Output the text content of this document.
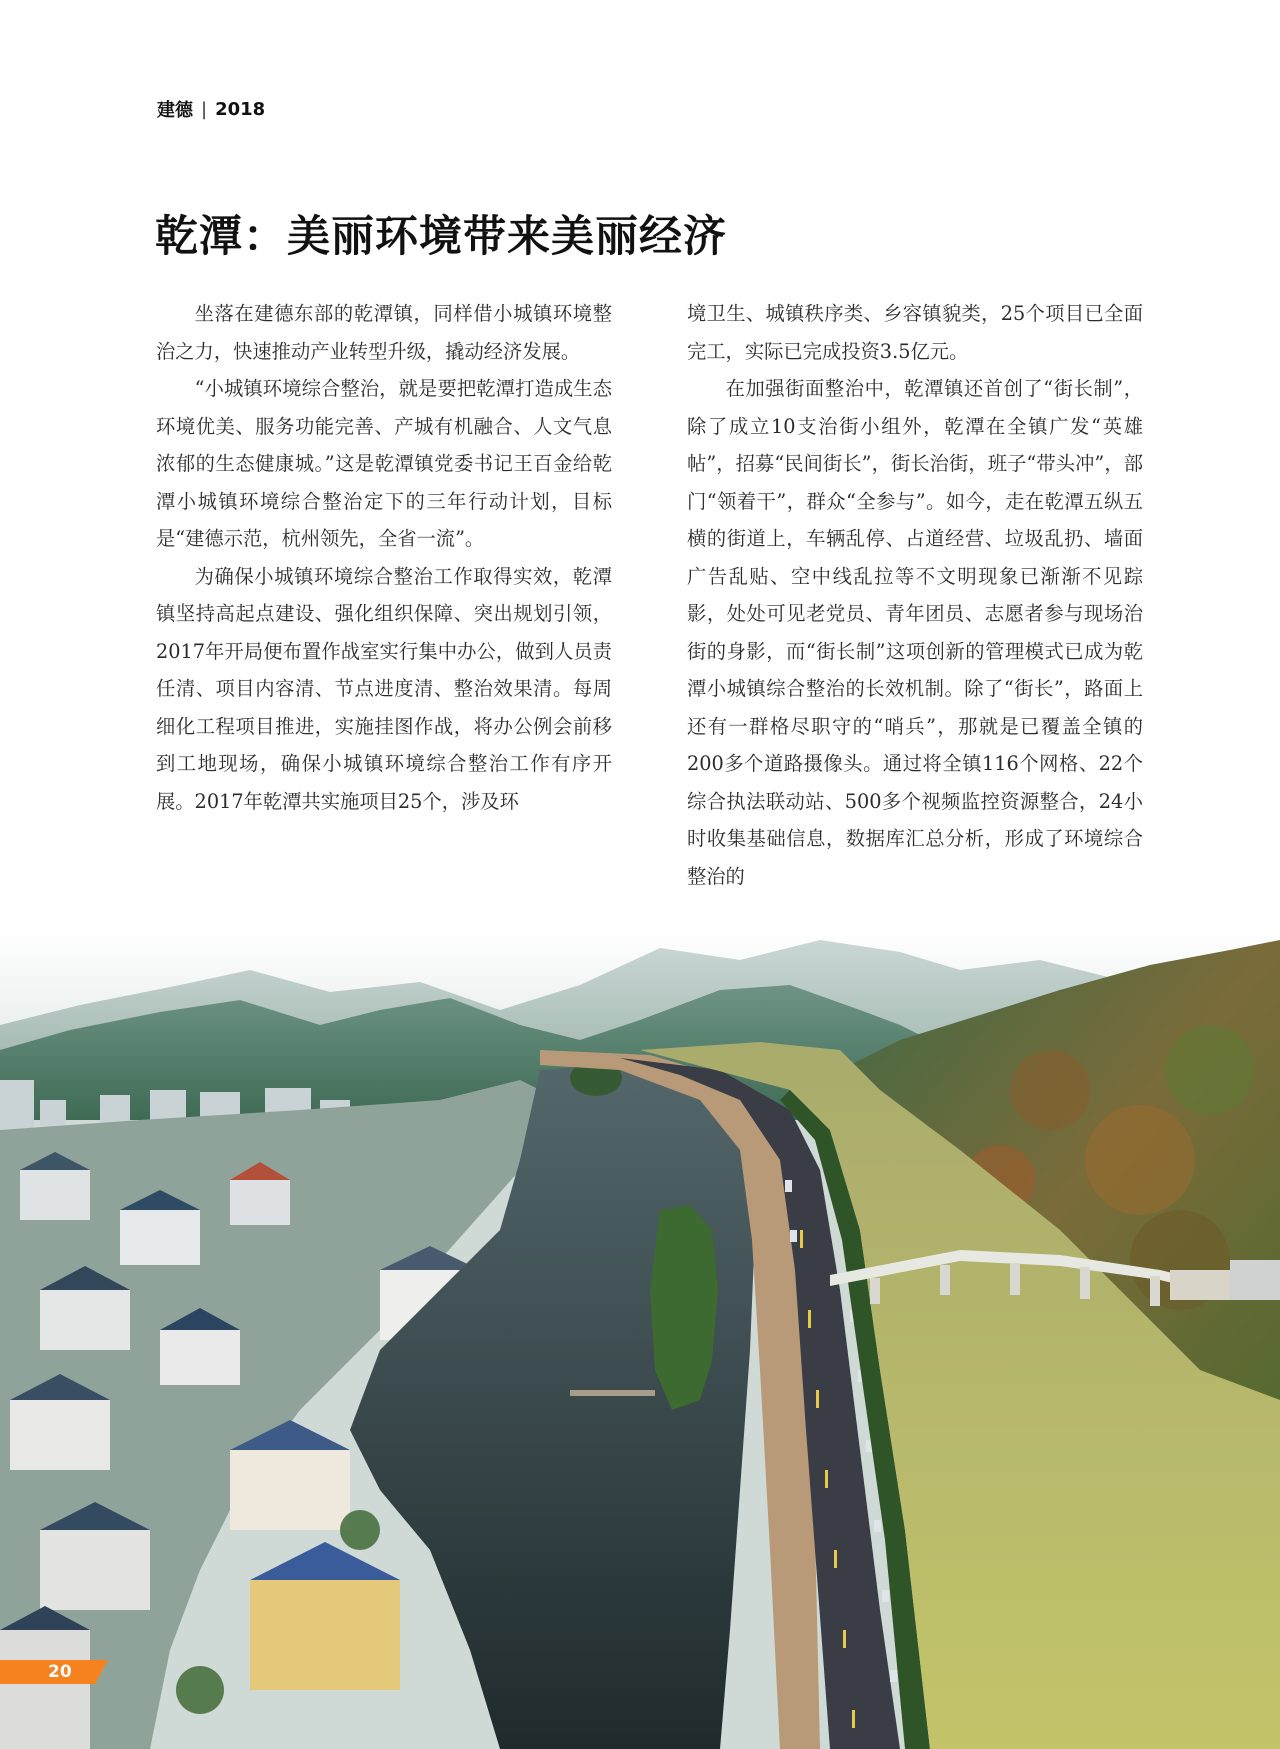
建德 | 2018
乾潭：美丽环境带来美丽经济

坐落在建德东部的乾潭镇，同样借小城镇环境整治之力，快速推动产业转型升级，撬动经济发展。

“小城镇环境综合整治，就是要把乾潭打造成生态环境优美、服务功能完善、产城有机融合、人文气息浓郁的生态健康城。”这是乾潭镇党委书记王百金给乾潭小城镇环境综合整治定下的三年行动计划，目标是“建德示范，杭州领先，全省一流”。

为确保小城镇环境综合整治工作取得实效，乾潭镇坚持高起点建设、强化组织保障、突出规划引领，2017年开局便布置作战室实行集中办公，做到人员责任清、项目内容清、节点进度清、整治效果清。每周细化工程项目推进，实施挂图作战，将办公例会前移到工地现场，确保小城镇环境综合整治工作有序开展。2017年乾潭共实施项目25个，涉及环

境卫生、城镇秩序类、乡容镇貌类，25个项目已全面完工，实际已完成投资3.5亿元。

在加强街面整治中，乾潭镇还首创了“街长制”，除了成立10支治街小组外，乾潭在全镇广发“英雄帖”，招募“民间街长”，街长治街，班子“带头冲”，部门“领着干”，群众“全参与”。如今，走在乾潭五纵五横的街道上，车辆乱停、占道经营、垃圾乱扔、墙面广告乱贴、空中线乱拉等不文明现象已渐渐不见踪影，处处可见老党员、青年团员、志愿者参与现场治街的身影，而“街长制”这项创新的管理模式已成为乾潭小城镇综合整治的长效机制。除了“街长”，路面上还有一群格尽职守的“哨兵”，那就是已覆盖全镇的200多个道路摄像头。通过将全镇116个网格、22个综合执法联动站、500多个视频监控资源整合，24小时收集基础信息，数据库汇总分析，形成了环境综合整治的

20
